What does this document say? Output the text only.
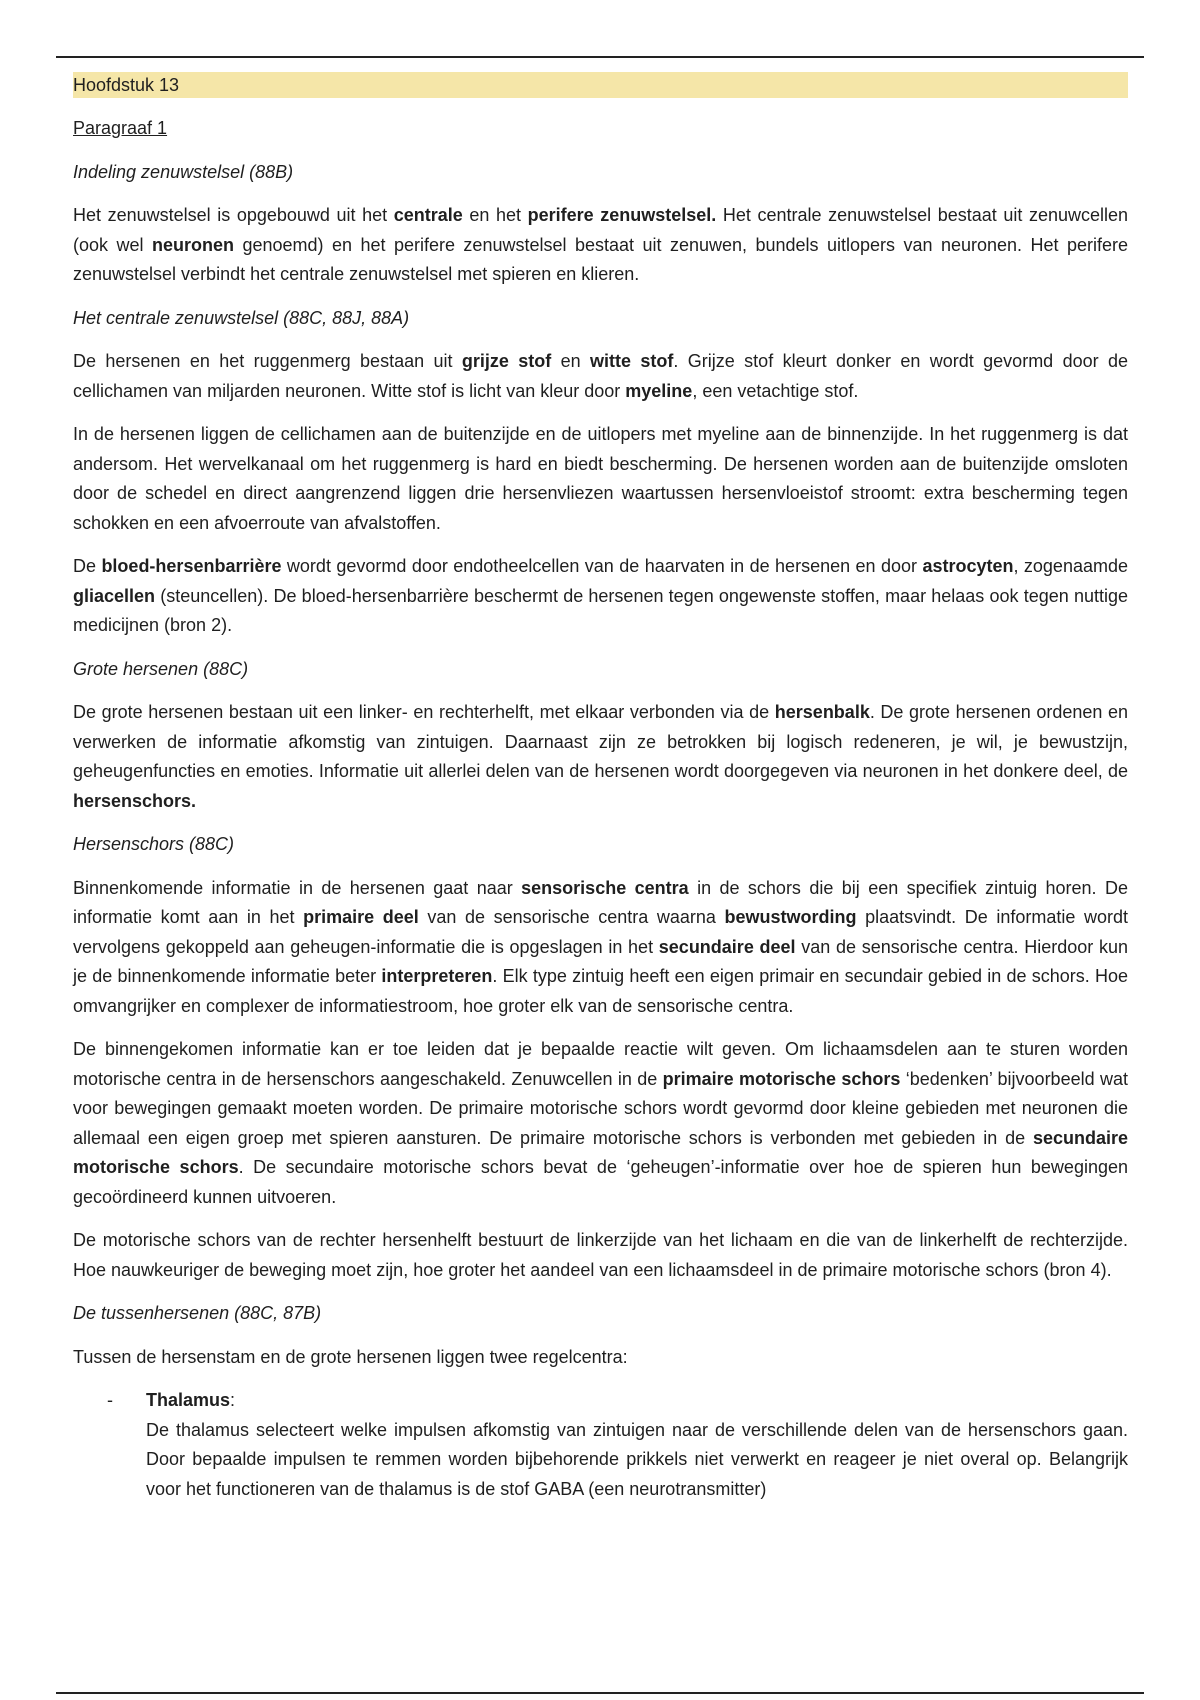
Hoofdstuk 13
Paragraaf 1
Indeling zenuwstelsel (88B)

Het zenuwstelsel is opgebouwd uit het centrale en het perifere zenuwstelsel. Het centrale zenuwstelsel bestaat uit zenuwcellen (ook wel neuronen genoemd) en het perifere zenuwstelsel bestaat uit zenuwen, bundels uitlopers van neuronen. Het perifere zenuwstelsel verbindt het centrale zenuwstelsel met spieren en klieren.

Het centrale zenuwstelsel (88C, 88J, 88A)

De hersenen en het ruggenmerg bestaan uit grijze stof en witte stof. Grijze stof kleurt donker en wordt gevormd door de cellichamen van miljarden neuronen. Witte stof is licht van kleur door myeline, een vetachtige stof.

In de hersenen liggen de cellichamen aan de buitenzijde en de uitlopers met myeline aan de binnenzijde. In het ruggenmerg is dat andersom. Het wervelkanaal om het ruggenmerg is hard en biedt bescherming. De hersenen worden aan de buitenzijde omsloten door de schedel en direct aangrenzend liggen drie hersenvliezen waartussen hersenvloeistof stroomt: extra bescherming tegen schokken en een afvoerroute van afvalstoffen.

De bloed-hersenbarrière wordt gevormd door endotheelcellen van de haarvaten in de hersenen en door astrocyten, zogenaamde gliacellen (steuncellen). De bloed-hersenbarrière beschermt de hersenen tegen ongewenste stoffen, maar helaas ook tegen nuttige medicijnen (bron 2).

Grote hersenen (88C)

De grote hersenen bestaan uit een linker- en rechterhelft, met elkaar verbonden via de hersenbalk. De grote hersenen ordenen en verwerken de informatie afkomstig van zintuigen. Daarnaast zijn ze betrokken bij logisch redeneren, je wil, je bewustzijn, geheugenfuncties en emoties. Informatie uit allerlei delen van de hersenen wordt doorgegeven via neuronen in het donkere deel, de hersenschors.

Hersenschors (88C)

Binnenkomende informatie in de hersenen gaat naar sensorische centra in de schors die bij een specifiek zintuig horen. De informatie komt aan in het primaire deel van de sensorische centra waarna bewustwording plaatsvindt. De informatie wordt vervolgens gekoppeld aan geheugen-informatie die is opgeslagen in het secundaire deel van de sensorische centra. Hierdoor kun je de binnenkomende informatie beter interpreteren. Elk type zintuig heeft een eigen primair en secundair gebied in de schors. Hoe omvangrijker en complexer de informatiestroom, hoe groter elk van de sensorische centra.

De binnengekomen informatie kan er toe leiden dat je bepaalde reactie wilt geven. Om lichaamsdelen aan te sturen worden motorische centra in de hersenschors aangeschakeld. Zenuwcellen in de primaire motorische schors ‘bedenken’ bijvoorbeeld wat voor bewegingen gemaakt moeten worden. De primaire motorische schors wordt gevormd door kleine gebieden met neuronen die allemaal een eigen groep met spieren aansturen. De primaire motorische schors is verbonden met gebieden in de secundaire motorische schors. De secundaire motorische schors bevat de ‘geheugen’-informatie over hoe de spieren hun bewegingen gecoördineerd kunnen uitvoeren.

De motorische schors van de rechter hersenhelft bestuurt de linkerzijde van het lichaam en die van de linkerhelft de rechterzijde. Hoe nauwkeuriger de beweging moet zijn, hoe groter het aandeel van een lichaamsdeel in de primaire motorische schors (bron 4).

De tussenhersenen (88C, 87B)

Tussen de hersenstam en de grote hersenen liggen twee regelcentra:

- Thalamus:
De thalamus selecteert welke impulsen afkomstig van zintuigen naar de verschillende delen van de hersenschors gaan. Door bepaalde impulsen te remmen worden bijbehorende prikkels niet verwerkt en reageer je niet overal op. Belangrijk voor het functioneren van de thalamus is de stof GABA (een neurotransmitter)
